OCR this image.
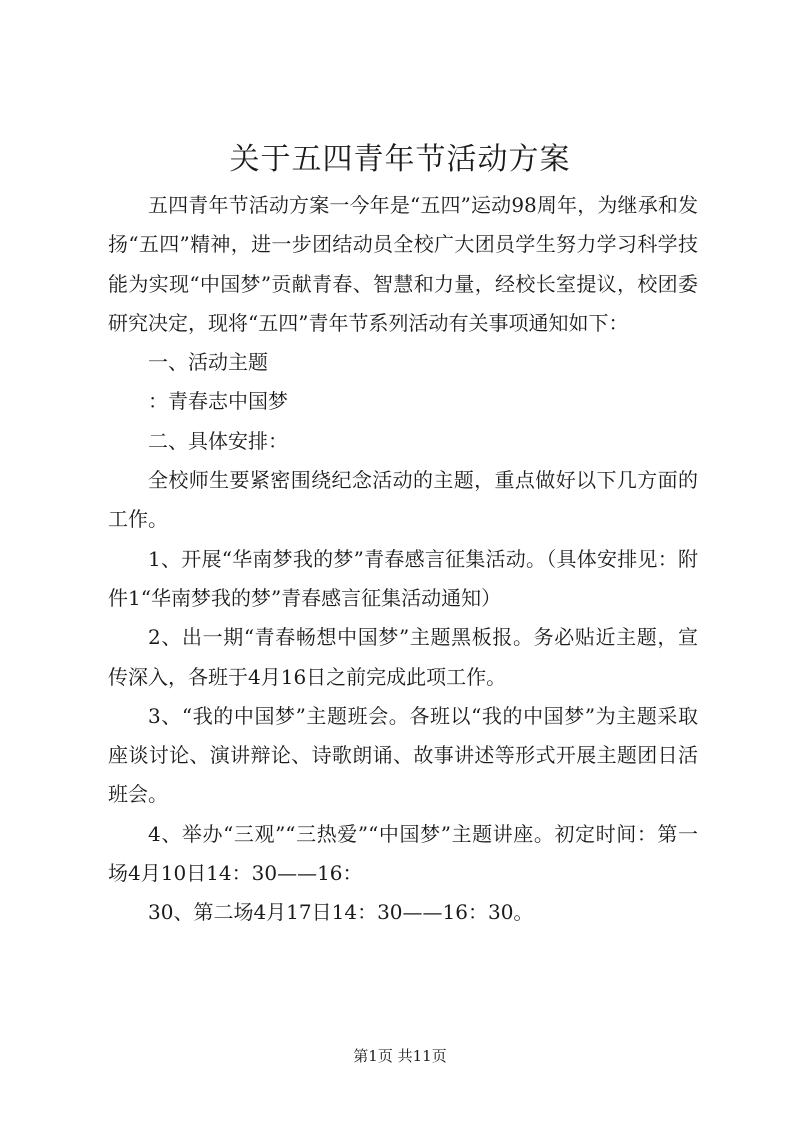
关于五四青年节活动方案

五四青年节活动方案一今年是“五四”运动98周年，为继承和发扬“五四”精神，进一步团结动员全校广大团员学生努力学习科学技能为实现“中国梦”贡献青春、智慧和力量，经校长室提议，校团委研究决定，现将“五四”青年节系列活动有关事项通知如下：

一、活动主题

：青春志中国梦

二、具体安排：

全校师生要紧密围绕纪念活动的主题，重点做好以下几方面的工作。

1、开展“华南梦我的梦”青春感言征集活动。（具体安排见：附件1“华南梦我的梦”青春感言征集活动通知）

2、出一期“青春畅想中国梦”主题黑板报。务必贴近主题，宣传深入，各班于4月16日之前完成此项工作。

3、“我的中国梦”主题班会。各班以“我的中国梦”为主题采取座谈讨论、演讲辩论、诗歌朗诵、故事讲述等形式开展主题团日活班会。

4、举办“三观”“三热爱”“中国梦”主题讲座。初定时间：第一场4月10日14：30——16：

30、第二场4月17日14：30——16：30。

第1页 共11页
